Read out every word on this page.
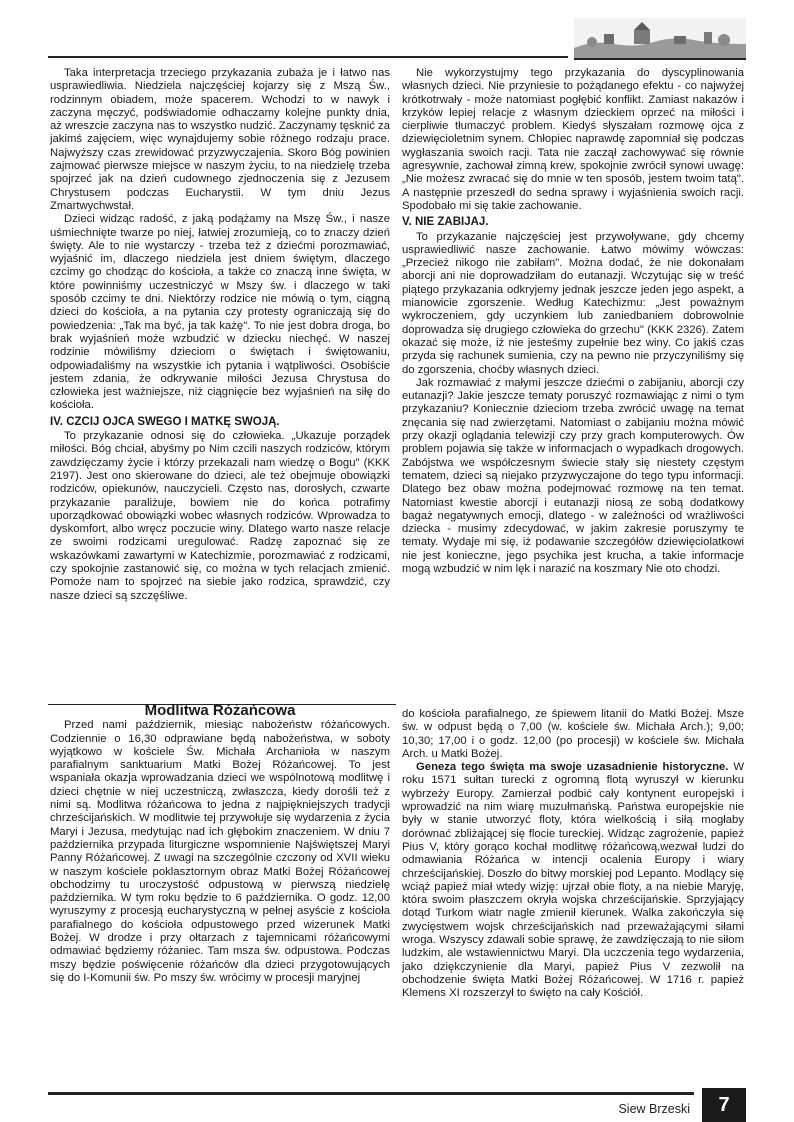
Taka interpretacja trzeciego przykazania zubaża je i łatwo nas usprawiedliwia. Niedziela najczęściej kojarzy się z Mszą Św., rodzinnym obiadem, może spacerem. Wchodzi to w nawyk i zaczyna męczyć, podświadomie odhaczamy kolejne punkty dnia, aż wreszcie zaczyna nas to wszystko nudzić. Zaczynamy tęsknić za jakimś zajęciem, więc wynajdujemy sobie różnego rodzaju prace. Najwyższy czas zrewidować przyzwyczajenia. Skoro Bóg powinien zajmować pierwsze miejsce w naszym życiu, to na niedzielę trzeba spojrzeć jak na dzień cudownego zjednoczenia się z Jezusem Chrystusem podczas Eucharystii. W tym dniu Jezus Zmartwychwstał.

Dzieci widząc radość, z jaką podążamy na Mszę Św., i nasze uśmiechnięte twarze po niej, łatwiej zrozumieją, co to znaczy dzień święty. Ale to nie wystarczy - trzeba też z dziećmi porozmawiać, wyjaśnić im, dlaczego niedziela jest dniem świętym, dlaczego czcimy go chodząc do kościoła, a także co znaczą inne święta, w które powinniśmy uczestniczyć w Mszy św. i dlaczego w taki sposób czcimy te dni. Niektórzy rodzice nie mówią o tym, ciągną dzieci do kościoła, a na pytania czy protesty ograniczają się do powiedzenia: „Tak ma być, ja tak każę". To nie jest dobra droga, bo brak wyjaśnień może wzbudzić w dziecku niechęć. W naszej rodzinie mówiliśmy dzieciom o świętach i świętowaniu, odpowiadaliśmy na wszystkie ich pytania i wątpliwości. Osobiście jestem zdania, że odkrywanie miłości Jezusa Chrystusa do człowieka jest ważniejsze, niż ciągnięcie bez wyjaśnień na siłę do kościoła.

IV. CZCIJ OJCA SWEGO I MATKĘ SWOJĄ.

To przykazanie odnosi się do człowieka. „Ukazuje porządek miłości. Bóg chciał, abyśmy po Nim czcili naszych rodziców, którym zawdzięczamy życie i którzy przekazali nam wiedzę o Bogu" (KKK 2197). Jest ono skierowane do dzieci, ale też obejmuje obowiązki rodziców, opiekunów, nauczycieli. Często nas, dorosłych, czwarte przykazanie paraliżuje, bowiem nie do końca potrafimy uporządkować obowiązki wobec własnych rodziców. Wprowadza to dyskomfort, albo wręcz poczucie winy. Dlatego warto nasze relacje ze swoimi rodzicami uregulować. Radzę zapoznać się ze wskazówkami zawartymi w Katechizmie, porozmawiać z rodzicami, czy spokojnie zastanowić się, co można w tych relacjach zmienić. Pomoże nam to spojrzeć na siebie jako rodzica, sprawdzić, czy nasze dzieci są szczęśliwe.

Nie wykorzystujmy tego przykazania do dyscyplinowania własnych dzieci. Nie przyniesie to pożądanego efektu - co najwyżej krótkotrwały - może natomiast pogłębić konflikt. Zamiast nakazów i krzyków lepiej relacje z własnym dzieckiem oprzeć na miłości i cierpliwie tłumaczyć problem. Kiedyś słyszałam rozmowę ojca z dziewięcioletnim synem. Chłopiec naprawdę zapomniał się podczas wygłaszania swoich racji. Tata nie zaczął zachowywać się równie agresywnie, zachował zimną krew, spokojnie zwrócił synowi uwagę: „Nie możesz zwracać się do mnie w ten sposób, jestem twoim tatą". A następnie przeszedł do sedna sprawy i wyjaśnienia swoich racji. Spodobało mi się takie zachowanie.

V. NIE ZABIJAJ.

To przykazanie najczęściej jest przywoływane, gdy chcemy usprawiedliwić nasze zachowanie. Łatwo mówimy wówczas: „Przecież nikogo nie zabiłam". Można dodać, że nie dokonałam aborcji ani nie doprowadziłam do eutanazji. Wczytując się w treść piątego przykazania odkryjemy jednak jeszcze jeden jego aspekt, a mianowicie zgorszenie. Według Katechizmu: „Jest poważnym wykroczeniem, gdy uczynkiem lub zaniedbaniem dobrowolnie doprowadza się drugiego człowieka do grzechu" (KKK 2326). Zatem okazać się może, iż nie jesteśmy zupełnie bez winy. Co jakiś czas przyda się rachunek sumienia, czy na pewno nie przyczyniliśmy się do zgorszenia, choćby własnych dzieci.

Jak rozmawiać z małymi jeszcze dziećmi o zabijaniu, aborcji czy eutanazji? Jakie jeszcze tematy poruszyć rozmawiając z nimi o tym przykazaniu? Koniecznie dzieciom trzeba zwrócić uwagę na temat znęcania się nad zwierzętami. Natomiast o zabijaniu można mówić przy okazji oglądania telewizji czy przy grach komputerowych. Ów problem pojawia się także w informacjach o wypadkach drogowych. Zabójstwa we współczesnym świecie stały się niestety częstym tematem, dzieci są niejako przyzwyczajone do tego typu informacji. Dlatego bez obaw można podejmować rozmowę na ten temat. Natomiast kwestie aborcji i eutanazji niosą ze sobą dodatkowy bagaż negatywnych emocji, dlatego - w zależności od wrażliwości dziecka - musimy zdecydować, w jakim zakresie poruszymy te tematy. Wydaje mi się, iż podawanie szczegółów dziewięciolatkowi nie jest konieczne, jego psychika jest krucha, a takie informacje mogą wzbudzić w nim lęk i narazić na koszmary Nie oto chodzi.

Modlitwa Różańcowa

Przed nami październik, miesiąc nabożeństw różańcowych. Codziennie o 16,30 odprawiane będą nabożeństwa, w soboty wyjątkowo w kościele Św. Michała Archanioła w naszym parafialnym sanktuarium Matki Bożej Różańcowej. To jest wspaniała okazja wprowadzania dzieci we wspólnotową modlitwę i dzieci chętnie w niej uczestniczą, zwłaszcza, kiedy dorośli też z nimi są. Modlitwa różańcowa to jedna z najpiękniejszych tradycji chrześcijańskich. W modlitwie tej przywołuje się wydarzenia z życia Maryi i Jezusa, medytując nad ich głębokim znaczeniem. W dniu 7 października przypada liturgiczne wspomnienie Najświętszej Maryi Panny Różańcowej. Z uwagi na szczególnie czczony od XVII wieku w naszym kościele poklasztornym obraz Matki Bożej Różańcowej obchodzimy tu uroczystość odpustową w pierwszą niedzielę października. W tym roku będzie to 6 października. O godz. 12,00 wyruszymy z procesją eucharystyczną w pełnej asyście z kościoła parafialnego do kościoła odpustowego przed wizerunek Matki Bożej. W drodze i przy ołtarzach z tajemnicami różańcowymi odmawiać będziemy różaniec. Tam msza św. odpustowa. Podczas mszy będzie poświęcenie różańców dla dzieci przygotowujących się do I-Komunii św. Po mszy św. wrócimy w procesji maryjnej

do kościoła parafialnego, ze śpiewem litanii do Matki Bożej. Msze św. w odpust będą o 7,00 (w. kościele św. Michała Arch.); 9,00; 10,30; 17,00 i o godz. 12,00 (po procesji) w kościele św. Michała Arch. u Matki Bożej.

Geneza tego święta ma swoje uzasadnienie historyczne. W roku 1571 sułtan turecki z ogromną flotą wyruszył w kierunku wybrzeży Europy. Zamierzał podbić cały kontynent europejski i wprowadzić na nim wiarę muzułmańską. Państwa europejskie nie były w stanie utworzyć floty, która wielkością i siłą mogłaby dorównać zbliżającej się flocie tureckiej. Widząc zagrożenie, papież Pius V, który gorąco kochał modlitwę różańcową,wezwał ludzi do odmawiania Różańca w intencji ocalenia Europy i wiary chrześcijańskiej. Doszło do bitwy morskiej pod Lepanto. Modlący się wciąż papież miał wtedy wizję: ujrzał obie floty, a na niebie Maryję, która swoim płaszczem okryła wojska chrześcijańskie. Sprzyjający dotąd Turkom wiatr nagle zmienił kierunek. Walka zakończyła się zwycięstwem wojsk chrześcijańskich nad przeważającymi siłami wroga. Wszyscy zdawali sobie sprawę, że zawdzięczają to nie siłom ludzkim, ale wstawiennictwu Maryi. Dla uczczenia tego wydarzenia, jako dziękczynienie dla Maryi, papież Pius V zezwolił na obchodzenie święta Matki Bożej Różańcowej. W 1716 r. papież Klemens XI rozszerzył to święto na cały Kościół.

Siew Brzeski	7
